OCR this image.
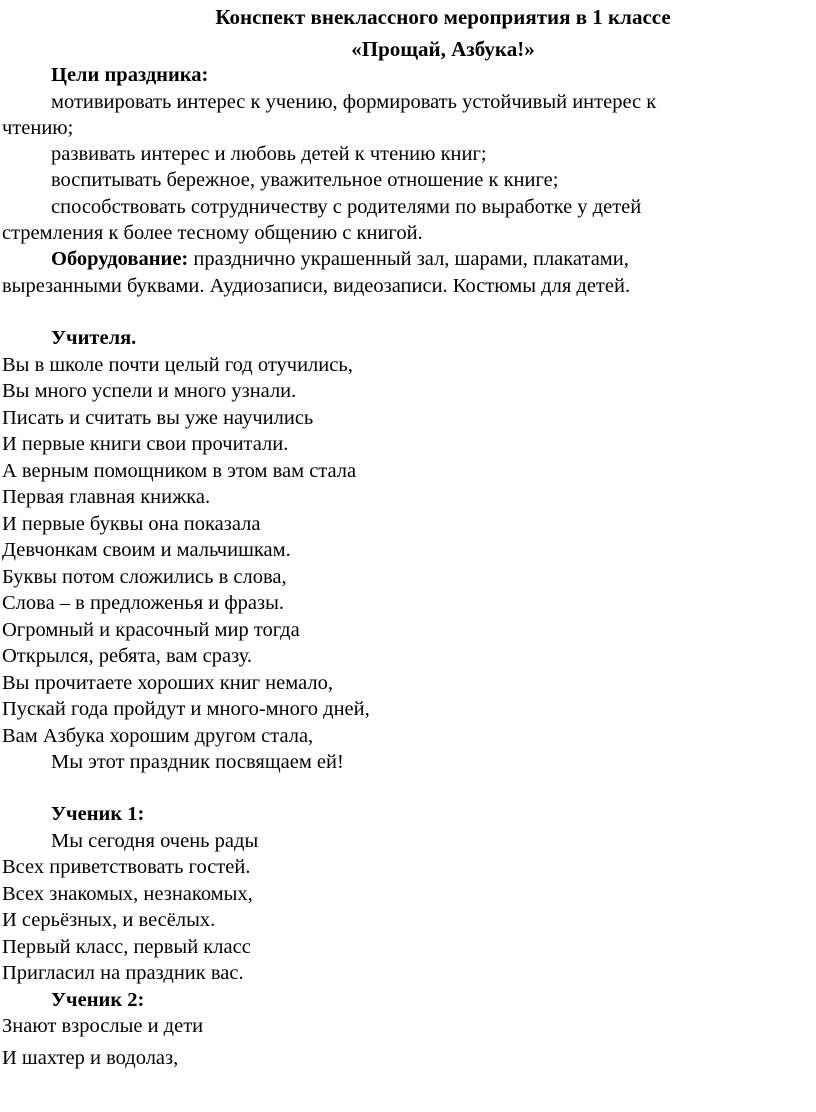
Конспект внеклассного мероприятия в 1 классе
«Прощай, Азбука!»
Цели праздника:
мотивировать интерес к учению, формировать устойчивый интерес к
чтению;
развивать интерес и любовь детей к чтению книг;
воспитывать бережное, уважительное отношение к книге;
способствовать сотрудничеству с родителями по выработке у детей
стремления к более тесному общению с книгой.
Оборудование: празднично украшенный зал, шарами, плакатами,
вырезанными буквами. Аудиозаписи, видеозаписи. Костюмы для детей.
Учителя.
Вы в школе почти целый год отучились,
Вы много успели и много узнали.
Писать и считать вы уже научились
И первые книги свои прочитали.
А верным помощником в этом вам стала
Первая главная книжка.
И первые буквы она показала
Девчонкам своим и мальчишкам.
Буквы потом сложились в слова,
Слова – в предложенья и фразы.
Огромный и красочный мир тогда
Открылся, ребята, вам сразу.
Вы прочитаете хороших книг немало,
Пускай года пройдут и много-много дней,
Вам Азбука хорошим другом стала,
Мы этот праздник посвящаем ей!
Ученик 1:
Мы сегодня очень рады
Всех приветствовать гостей.
Всех знакомых, незнакомых,
И серьёзных, и весёлых.
Первый класс, первый класс
Пригласил на праздник вас.
Ученик 2:
Знают взрослые и дети
И шахтер и водолаз,
